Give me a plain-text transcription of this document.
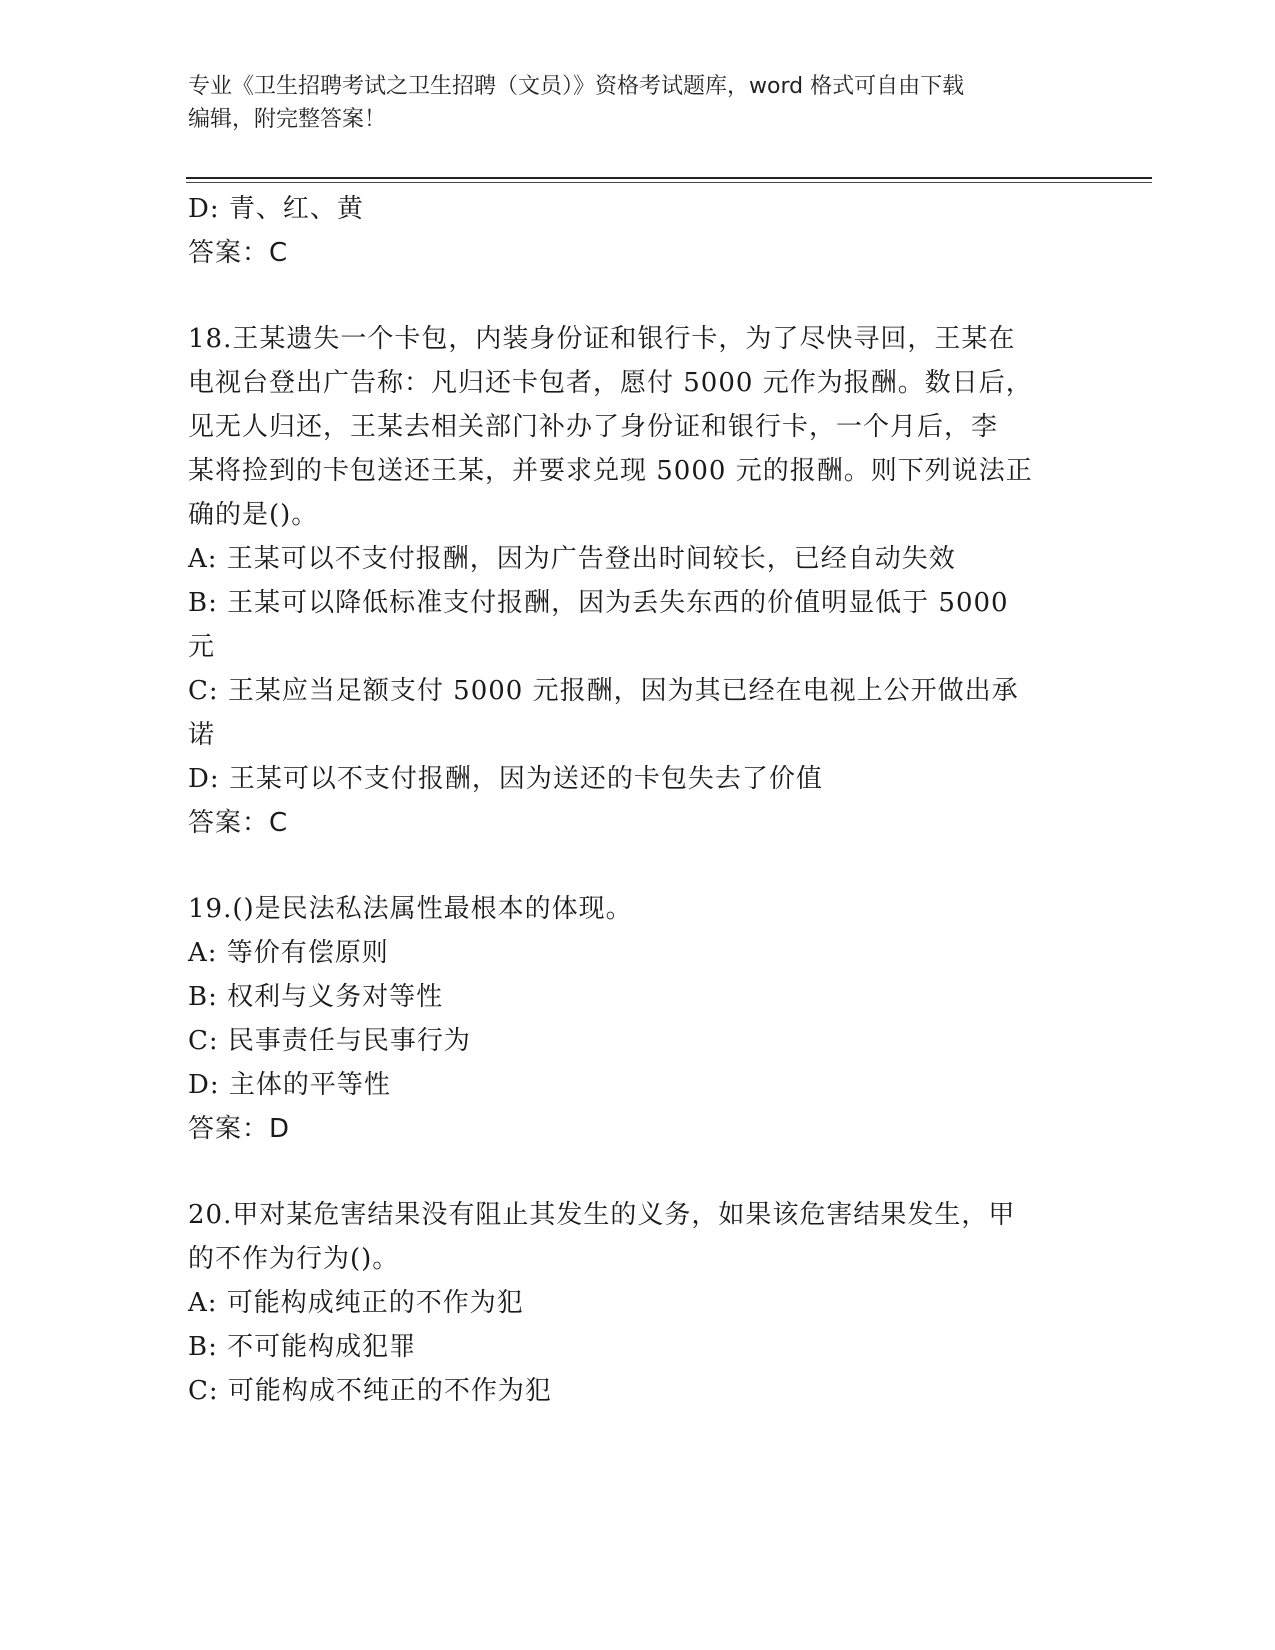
专业《卫生招聘考试之卫生招聘（文员）》资格考试题库，word 格式可自由下载
编辑，附完整答案！
D: 青、红、黄
答案：C
18.王某遗失一个卡包，内装身份证和银行卡，为了尽快寻回，王某在
电视台登出广告称：凡归还卡包者，愿付 5000 元作为报酬。数日后，
见无人归还，王某去相关部门补办了身份证和银行卡，一个月后，李
某将捡到的卡包送还王某，并要求兑现 5000 元的报酬。则下列说法正
确的是()。
A: 王某可以不支付报酬，因为广告登出时间较长，已经自动失效
B: 王某可以降低标准支付报酬，因为丢失东西的价值明显低于 5000
元
C: 王某应当足额支付 5000 元报酬，因为其已经在电视上公开做出承
诺
D: 王某可以不支付报酬，因为送还的卡包失去了价值
答案：C
19.()是民法私法属性最根本的体现。
A: 等价有偿原则
B: 权利与义务对等性
C: 民事责任与民事行为
D: 主体的平等性
答案：D
20.甲对某危害结果没有阻止其发生的义务，如果该危害结果发生，甲
的不作为行为()。
A: 可能构成纯正的不作为犯
B: 不可能构成犯罪
C: 可能构成不纯正的不作为犯
